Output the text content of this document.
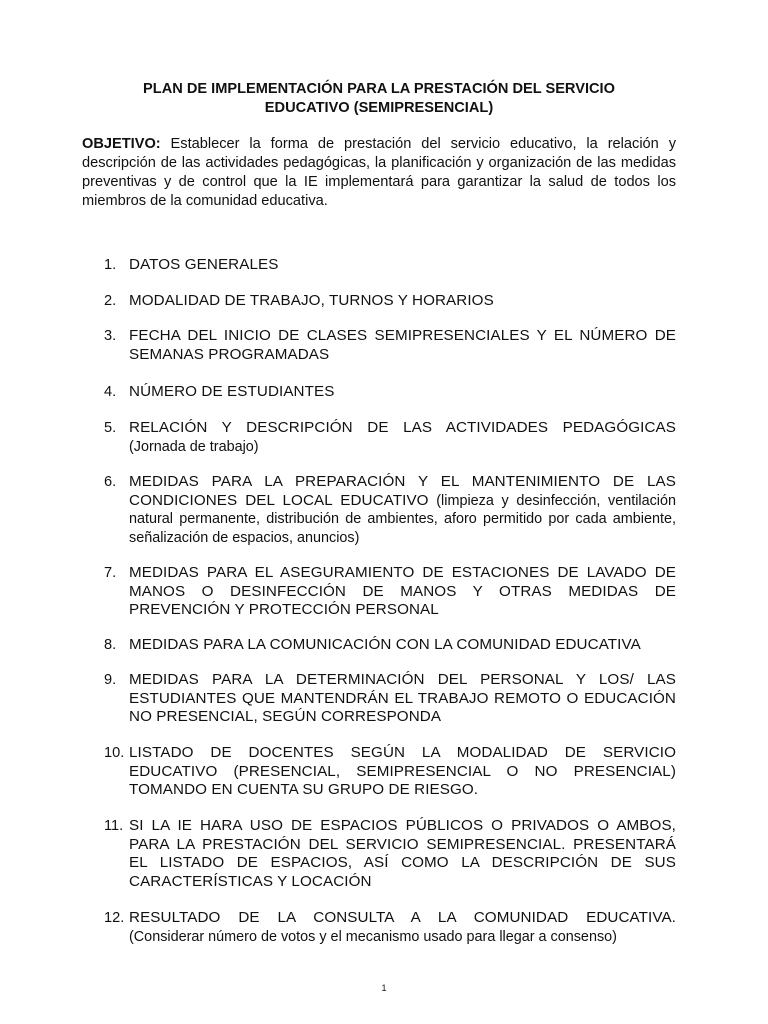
PLAN DE IMPLEMENTACIÓN PARA LA PRESTACIÓN DEL SERVICIO
EDUCATIVO (SEMIPRESENCIAL)
OBJETIVO: Establecer la forma de prestación del servicio educativo, la relación y descripción de las actividades pedagógicas, la planificación y organización de las medidas preventivas y de control que la IE implementará para garantizar la salud de todos los miembros de la comunidad educativa.
1. DATOS GENERALES
2. MODALIDAD DE TRABAJO, TURNOS Y HORARIOS
3. FECHA DEL INICIO DE CLASES SEMIPRESENCIALES Y EL NÚMERO DE SEMANAS PROGRAMADAS
4. NÚMERO DE ESTUDIANTES
5. RELACIÓN Y DESCRIPCIÓN DE LAS ACTIVIDADES PEDAGÓGICAS
(Jornada de trabajo)
6. MEDIDAS PARA LA PREPARACIÓN Y EL MANTENIMIENTO DE LAS CONDICIONES DEL LOCAL EDUCATIVO (limpieza y desinfección, ventilación natural permanente, distribución de ambientes, aforo permitido por cada ambiente, señalización de espacios, anuncios)
7. MEDIDAS PARA EL ASEGURAMIENTO DE ESTACIONES DE LAVADO DE MANOS O DESINFECCIÓN DE MANOS Y OTRAS MEDIDAS DE PREVENCIÓN Y PROTECCIÓN PERSONAL
8. MEDIDAS PARA LA COMUNICACIÓN CON LA COMUNIDAD EDUCATIVA
9. MEDIDAS PARA LA DETERMINACIÓN DEL PERSONAL Y LOS/ LAS ESTUDIANTES QUE MANTENDRÁN EL TRABAJO REMOTO O EDUCACIÓN NO PRESENCIAL, SEGÚN CORRESPONDA
10. LISTADO DE DOCENTES SEGÚN LA MODALIDAD DE SERVICIO EDUCATIVO (PRESENCIAL, SEMIPRESENCIAL O NO PRESENCIAL) TOMANDO EN CUENTA SU GRUPO DE RIESGO.
11. SI LA IE HARA USO DE ESPACIOS PÚBLICOS O PRIVADOS O AMBOS, PARA LA PRESTACIÓN DEL SERVICIO SEMIPRESENCIAL. PRESENTARÁ EL LISTADO DE ESPACIOS, ASÍ COMO LA DESCRIPCIÓN DE SUS CARACTERÍSTICAS Y LOCACIÓN
12. RESULTADO DE LA CONSULTA A LA COMUNIDAD EDUCATIVA.
(Considerar número de votos y el mecanismo usado para llegar a consenso)
1
